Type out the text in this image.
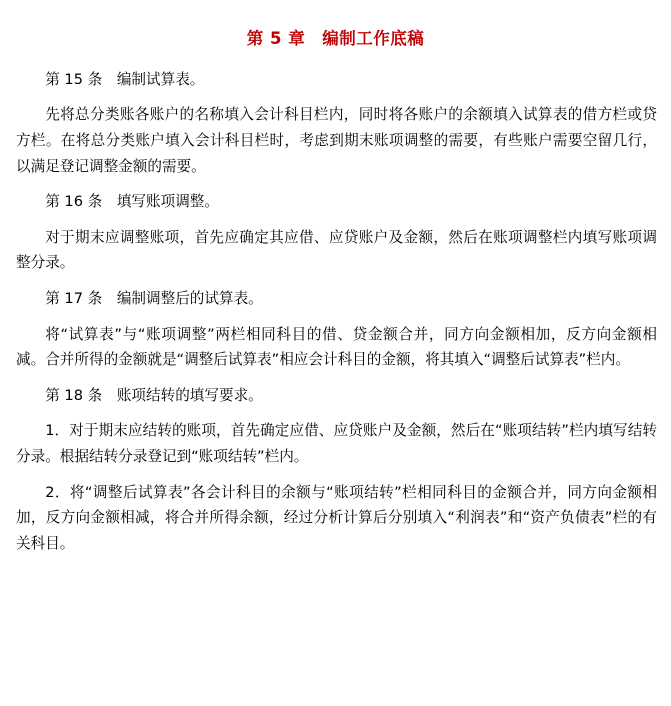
第 5 章　编制工作底稿

第 15 条　编制试算表。

先将总分类账各账户的名称填入会计科目栏内，同时将各账户的余额填入试算表的借方栏或贷方栏。在将总分类账户填入会计科目栏时，考虑到期末账项调整的需要，有些账户需要空留几行，以满足登记调整金额的需要。

第 16 条　填写账项调整。

对于期末应调整账项，首先应确定其应借、应贷账户及金额，然后在账项调整栏内填写账项调整分录。

第 17 条　编制调整后的试算表。

将“试算表”与“账项调整”两栏相同科目的借、贷金额合并，同方向金额相加，反方向金额相减。合并所得的金额就是“调整后试算表”相应会计科目的金额，将其填入“调整后试算表”栏内。

第 18 条　账项结转的填写要求。

1．对于期末应结转的账项，首先确定应借、应贷账户及金额，然后在“账项结转”栏内填写结转分录。根据结转分录登记到“账项结转”栏内。

2．将“调整后试算表”各会计科目的余额与“账项结转”栏相同科目的金额合并，同方向金额相加，反方向金额相减，将合并所得余额，经过分析计算后分别填入“利润表”和“资产负债表”栏的有关科目。
